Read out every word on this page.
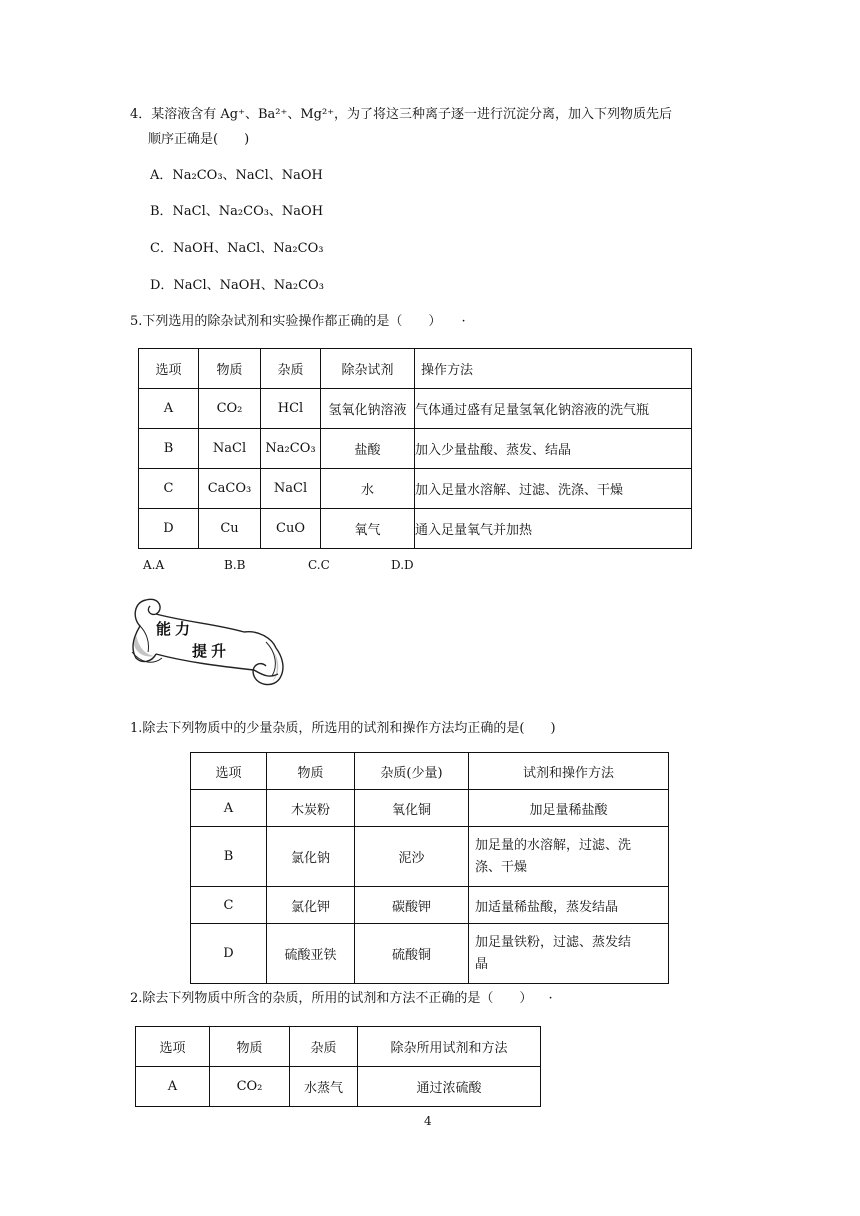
4．某溶液含有 Ag⁺、Ba²⁺、Mg²⁺，为了将这三种离子逐一进行沉淀分离，加入下列物质先后
顺序正确是(　　)
A．Na₂CO₃、NaCl、NaOH
B．NaCl、Na₂CO₃、NaOH
C．NaOH、NaCl、Na₂CO₃
D．NaCl、NaOH、Na₂CO₃
5.下列选用的除杂试剂和实验操作都正确的是（　　） ·
选项	物质	杂质	除杂试剂	操作方法
A	CO₂	HCl	氢氧化钠溶液	气体通过盛有足量氢氧化钠溶液的洗气瓶
B	NaCl	Na₂CO₃	盐酸	加入少量盐酸、蒸发、结晶
C	CaCO₃	NaCl	水	加入足量水溶解、过滤、洗涤、干燥
D	Cu	CuO	氧气	通入足量氧气并加热
A.A	B.B	C.C	D.D
能力
提升
1.除去下列物质中的少量杂质，所选用的试剂和操作方法均正确的是(　　)
选项	物质	杂质(少量)	试剂和操作方法
A	木炭粉	氧化铜	加足量稀盐酸
B	氯化钠	泥沙	加足量的水溶解，过滤、洗
涤、干燥

C	氯化钾	碳酸钾	加适量稀盐酸，蒸发结晶
D	硫酸亚铁	硫酸铜	加足量铁粉，过滤、蒸发结
晶
2.除去下列物质中所含的杂质，所用的试剂和方法不正确的是（　　） ·
选项	物质	杂质	除杂所用试剂和方法
A	CO₂	水蒸气	通过浓硫酸
4
